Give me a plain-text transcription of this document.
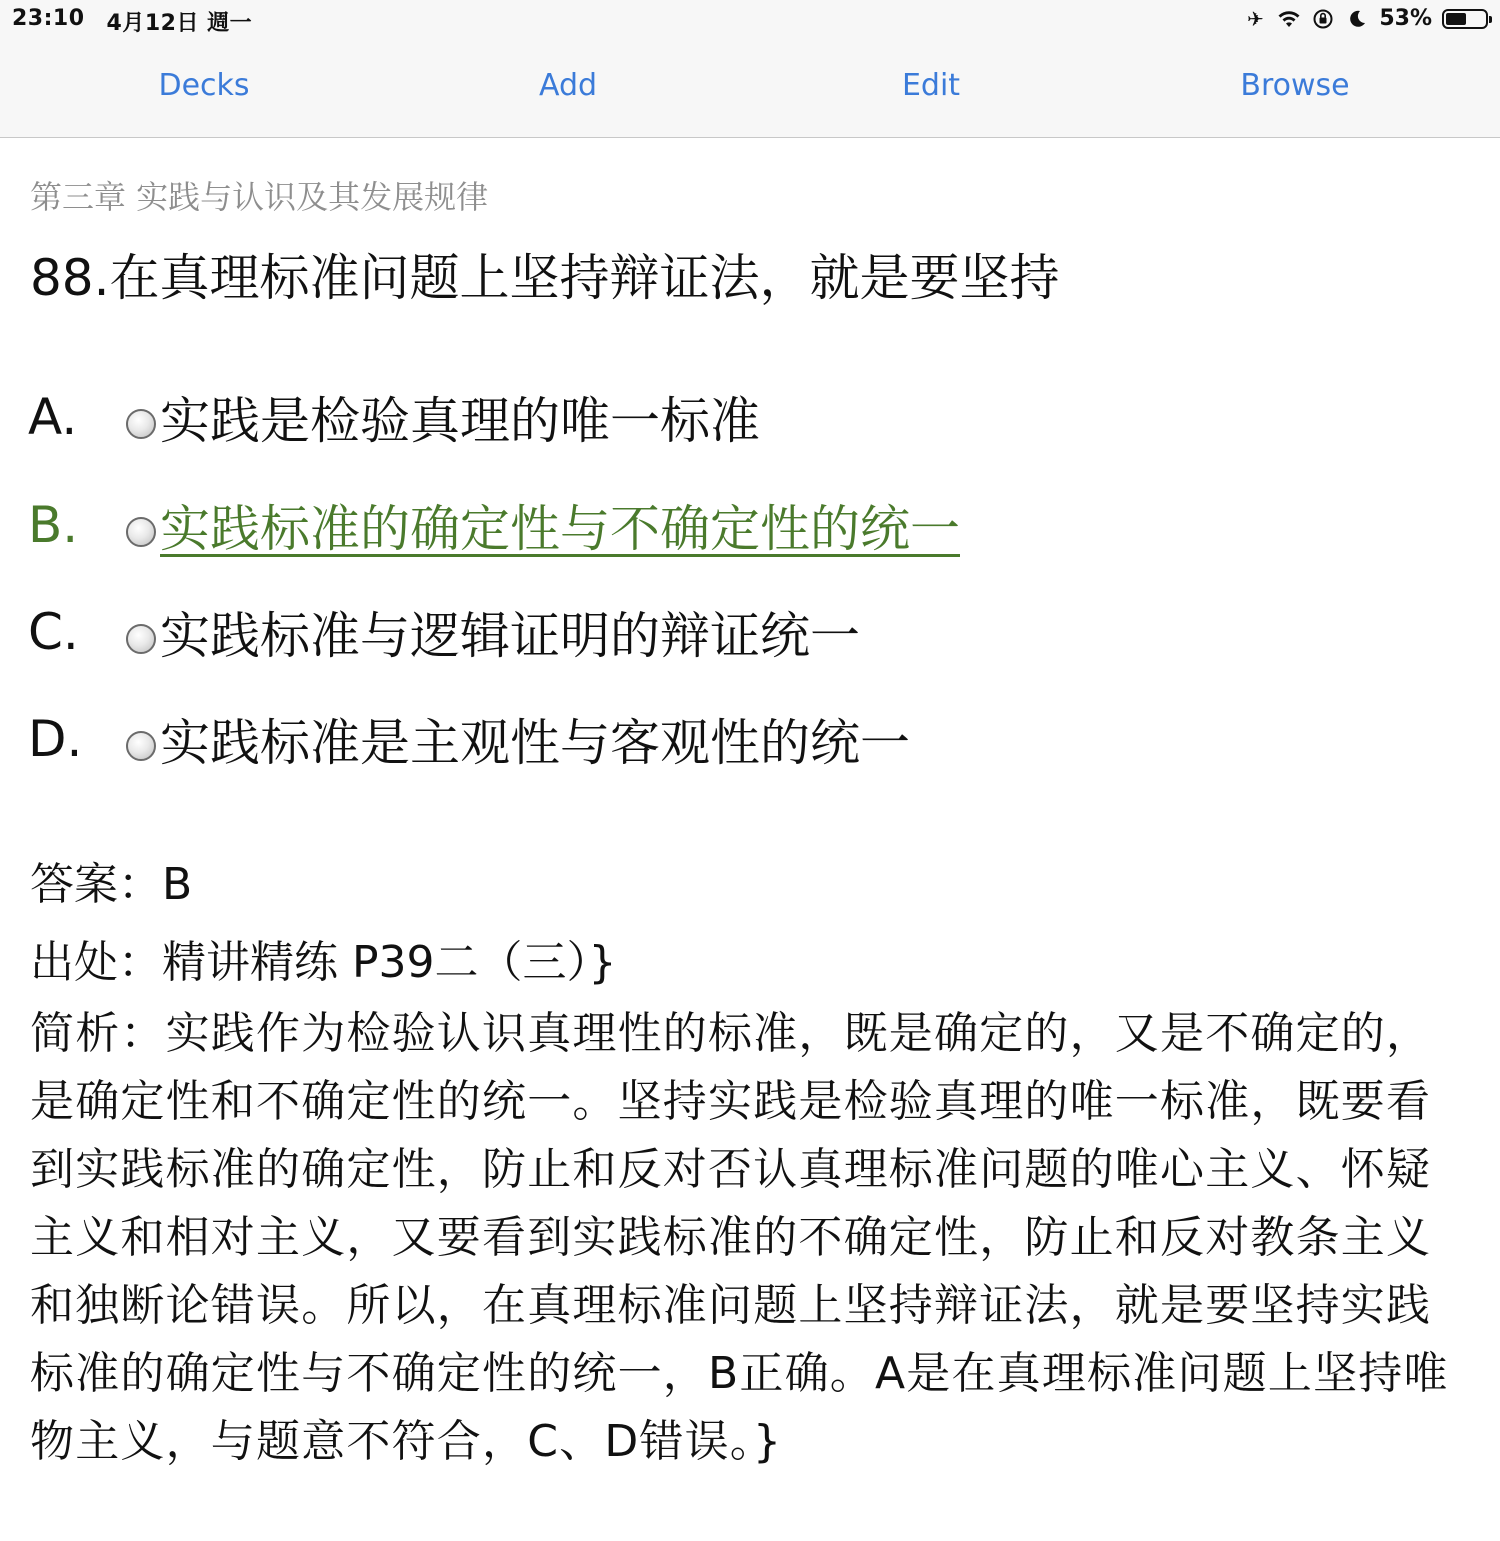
23:10 4月12日 週一	✈	53%
Decks	Add	Edit	Browse
第三章 实践与认识及其发展规律
88.在真理标准问题上坚持辩证法，就是要坚持
A.	实践是检验真理的唯一标准
B.	实践标准的确定性与不确定性的统一
C.	实践标准与逻辑证明的辩证统一
D.	实践标准是主观性与客观性的统一
答案：B
出处：精讲精练 P39二（三）}
简析：实践作为检验认识真理性的标准，既是确定的，又是不确定的，是确定性和不确定性的统一。坚持实践是检验真理的唯一标准，既要看到实践标准的确定性，防止和反对否认真理标准问题的唯心主义、怀疑主义和相对主义，又要看到实践标准的不确定性，防止和反对教条主义和独断论错误。所以，在真理标准问题上坚持辩证法，就是要坚持实践标准的确定性与不确定性的统一，B正确。A是在真理标准问题上坚持唯物主义，与题意不符合，C、D错误。}
